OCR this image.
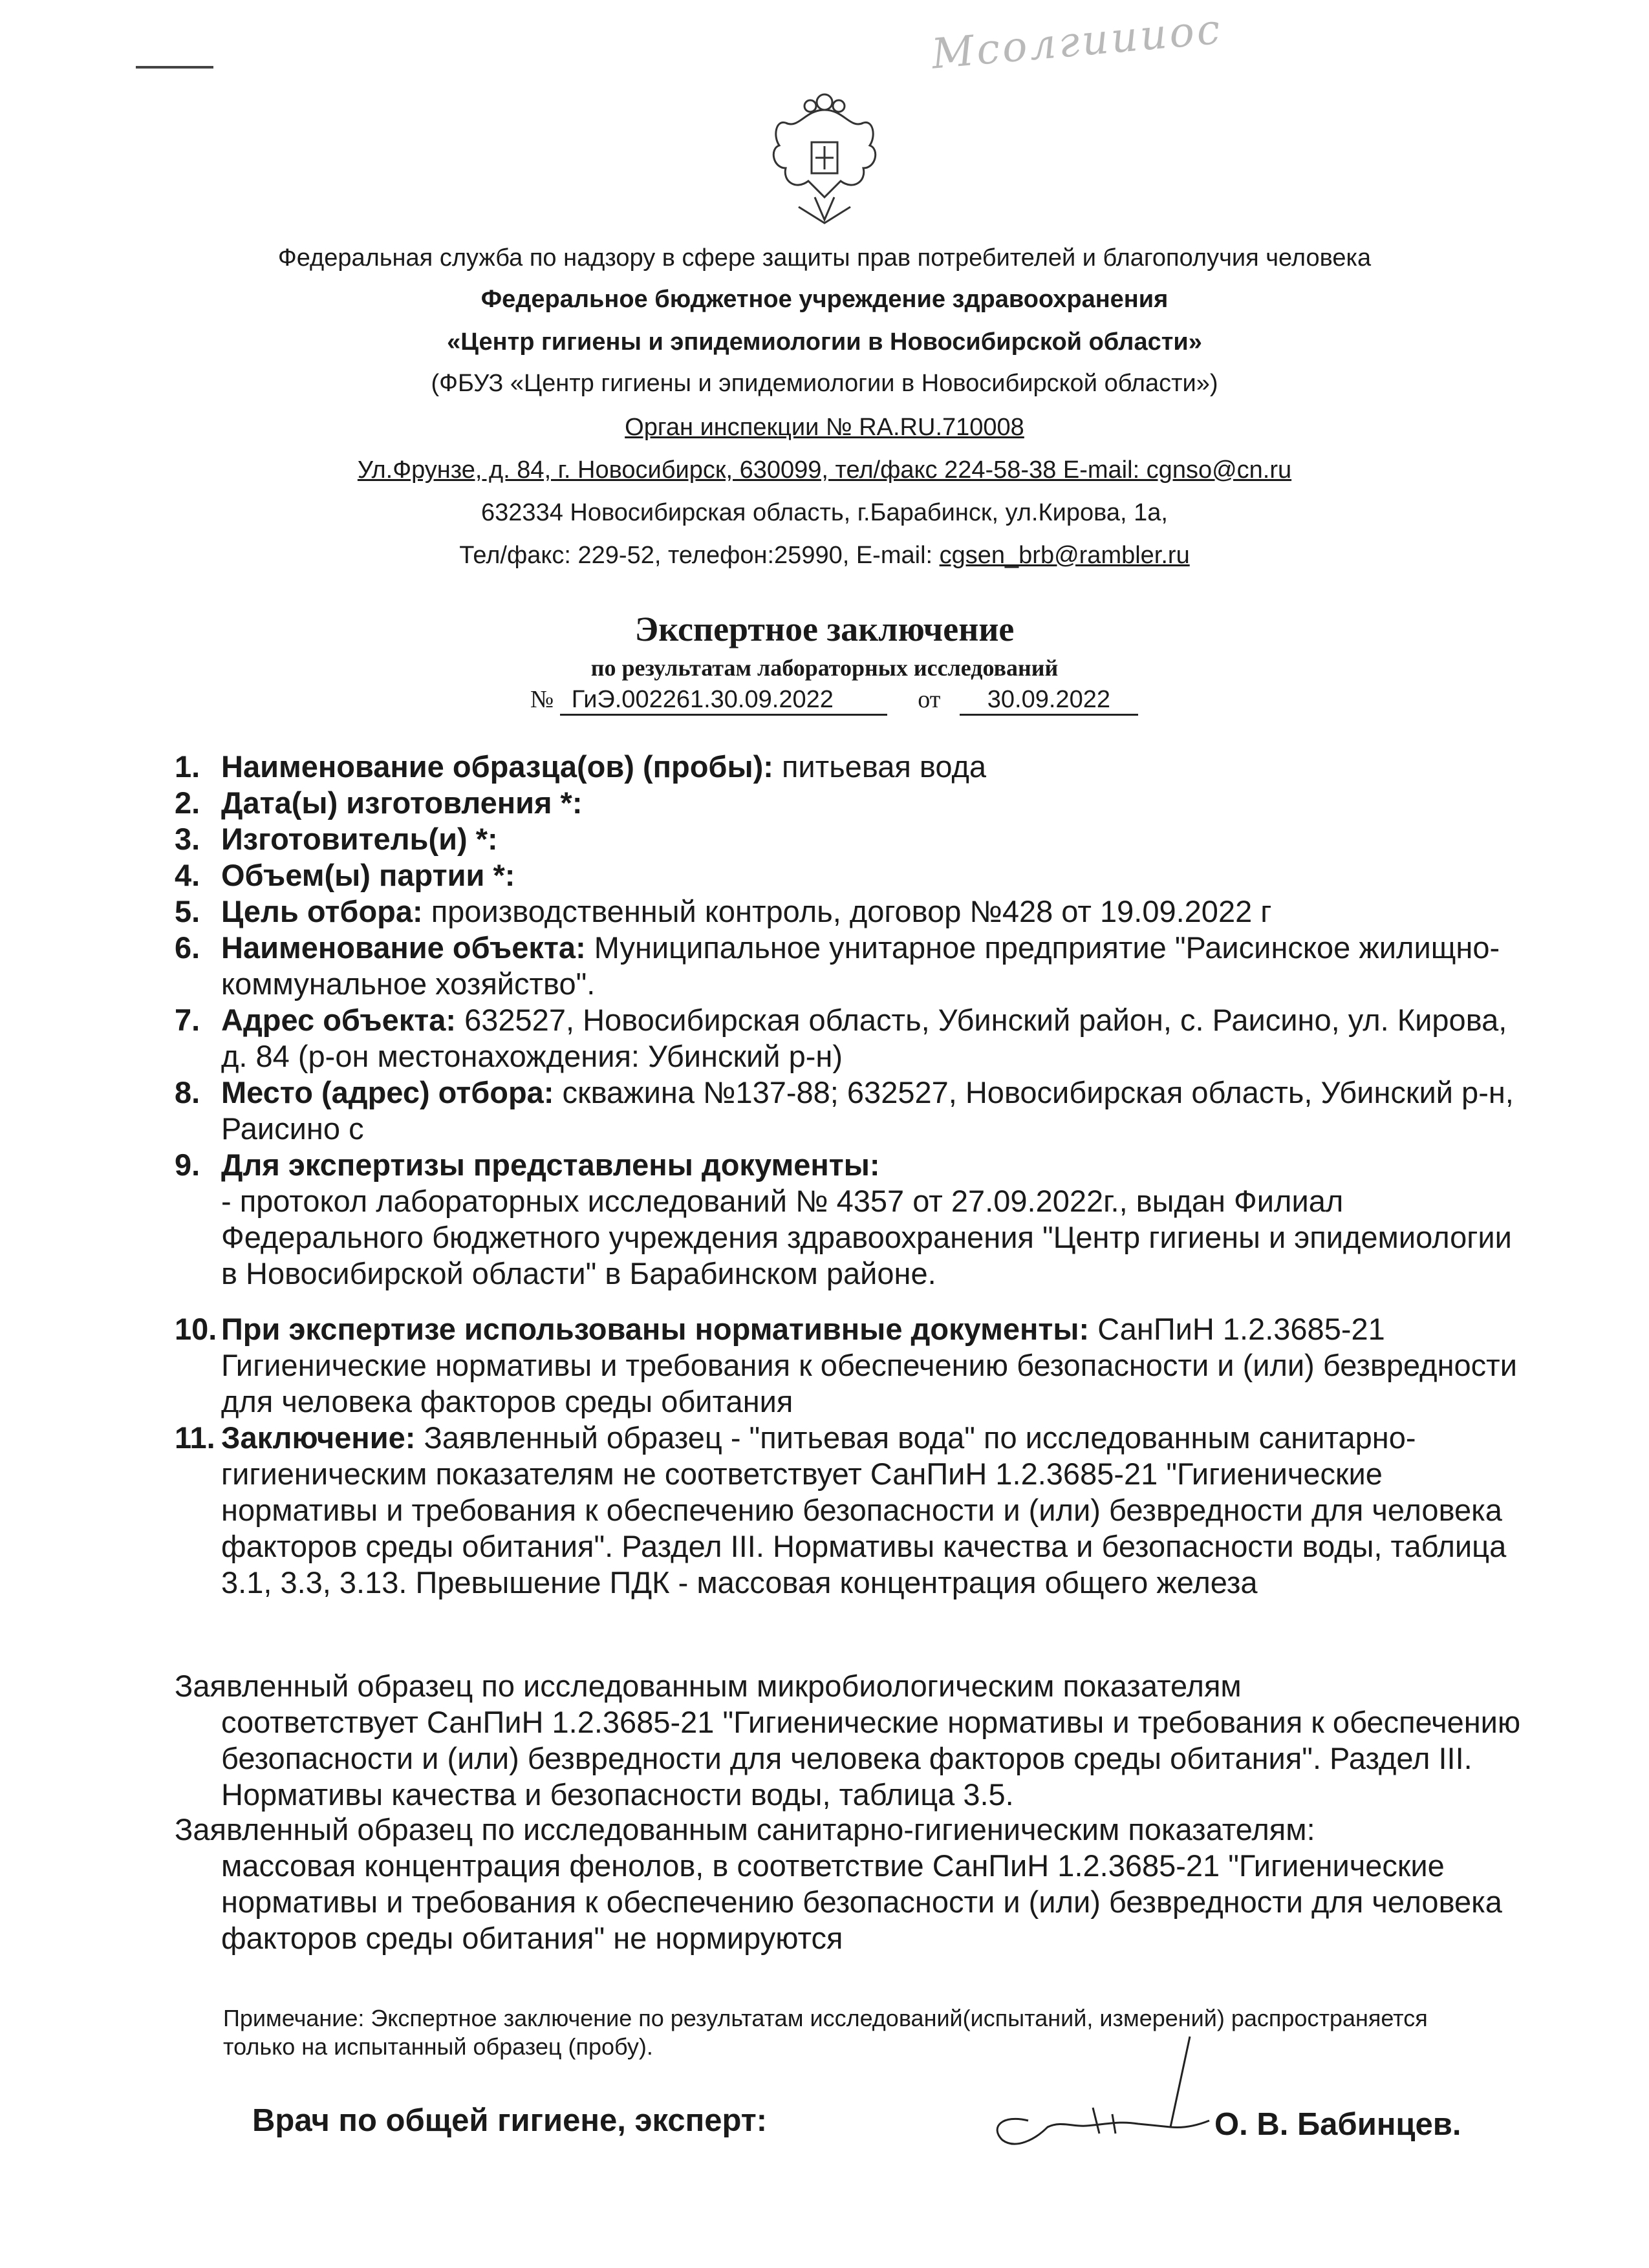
Мсолгиииос
Федеральная служба по надзору в сфере защиты прав потребителей и благополучия человека
Федеральное бюджетное учреждение здравоохранения
«Центр гигиены и эпидемиологии в Новосибирской области»
(ФБУЗ «Центр гигиены и эпидемиологии в Новосибирской области»)
Орган инспекции № RA.RU.710008
Ул.Фрунзе, д. 84, г. Новосибирск, 630099, тел/факс 224-58-38 E-mail: cgnso@cn.ru
632334 Новосибирская область, г.Барабинск, ул.Кирова, 1а,
Тел/факс: 229-52, телефон:25990, E-mail: cgsen_brb@rambler.ru
Экспертное заключение
по результатам лабораторных исследований
№ ГиЭ.002261.30.09.2022	от 30.09.2022
1. Наименование образца(ов) (пробы): питьевая вода
2. Дата(ы) изготовления *:
3. Изготовитель(и) *:
4. Объем(ы) партии *:
5. Цель отбора: производственный контроль, договор №428 от 19.09.2022 г
6. Наименование объекта: Муниципальное унитарное предприятие "Раисинское жилищно-коммунальное хозяйство".
7. Адрес объекта: 632527, Новосибирская область, Убинский район, с. Раисино, ул. Кирова, д. 84 (р-он местонахождения: Убинский р-н)
8. Место (адрес) отбора: скважина №137-88; 632527, Новосибирская область, Убинский р-н, Раисино с
9. Для экспертизы представлены документы:
- протокол лабораторных исследований № 4357 от 27.09.2022г., выдан Филиал Федерального бюджетного учреждения здравоохранения "Центр гигиены и эпидемиологии в Новосибирской области" в Барабинском районе.
10. При экспертизе использованы нормативные документы: СанПиН 1.2.3685-21 Гигиенические нормативы и требования к обеспечению безопасности и (или) безвредности для человека факторов среды обитания
11. Заключение: Заявленный образец - "питьевая вода" по исследованным санитарно-гигиеническим показателям не соответствует СанПиН 1.2.3685-21 "Гигиенические нормативы и требования к обеспечению безопасности и (или) безвредности для человека факторов среды обитания". Раздел III. Нормативы качества и безопасности воды, таблица 3.1, 3.3, 3.13. Превышение ПДК - массовая концентрация общего железа
Заявленный образец по исследованным микробиологическим показателям
соответствует СанПиН 1.2.3685-21 "Гигиенические нормативы и требования к обеспечению безопасности и (или) безвредности для человека факторов среды обитания". Раздел III. Нормативы качества и безопасности воды, таблица 3.5.
Заявленный образец по исследованным санитарно-гигиеническим показателям:
массовая концентрация фенолов, в соответствие СанПиН 1.2.3685-21 "Гигиенические нормативы и требования к обеспечению безопасности и (или) безвредности для человека факторов среды обитания" не нормируются
Примечание: Экспертное заключение по результатам исследований(испытаний, измерений) распространяется только на испытанный образец (пробу).
Врач по общей гигиене, эксперт:	О. В. Бабинцев.
